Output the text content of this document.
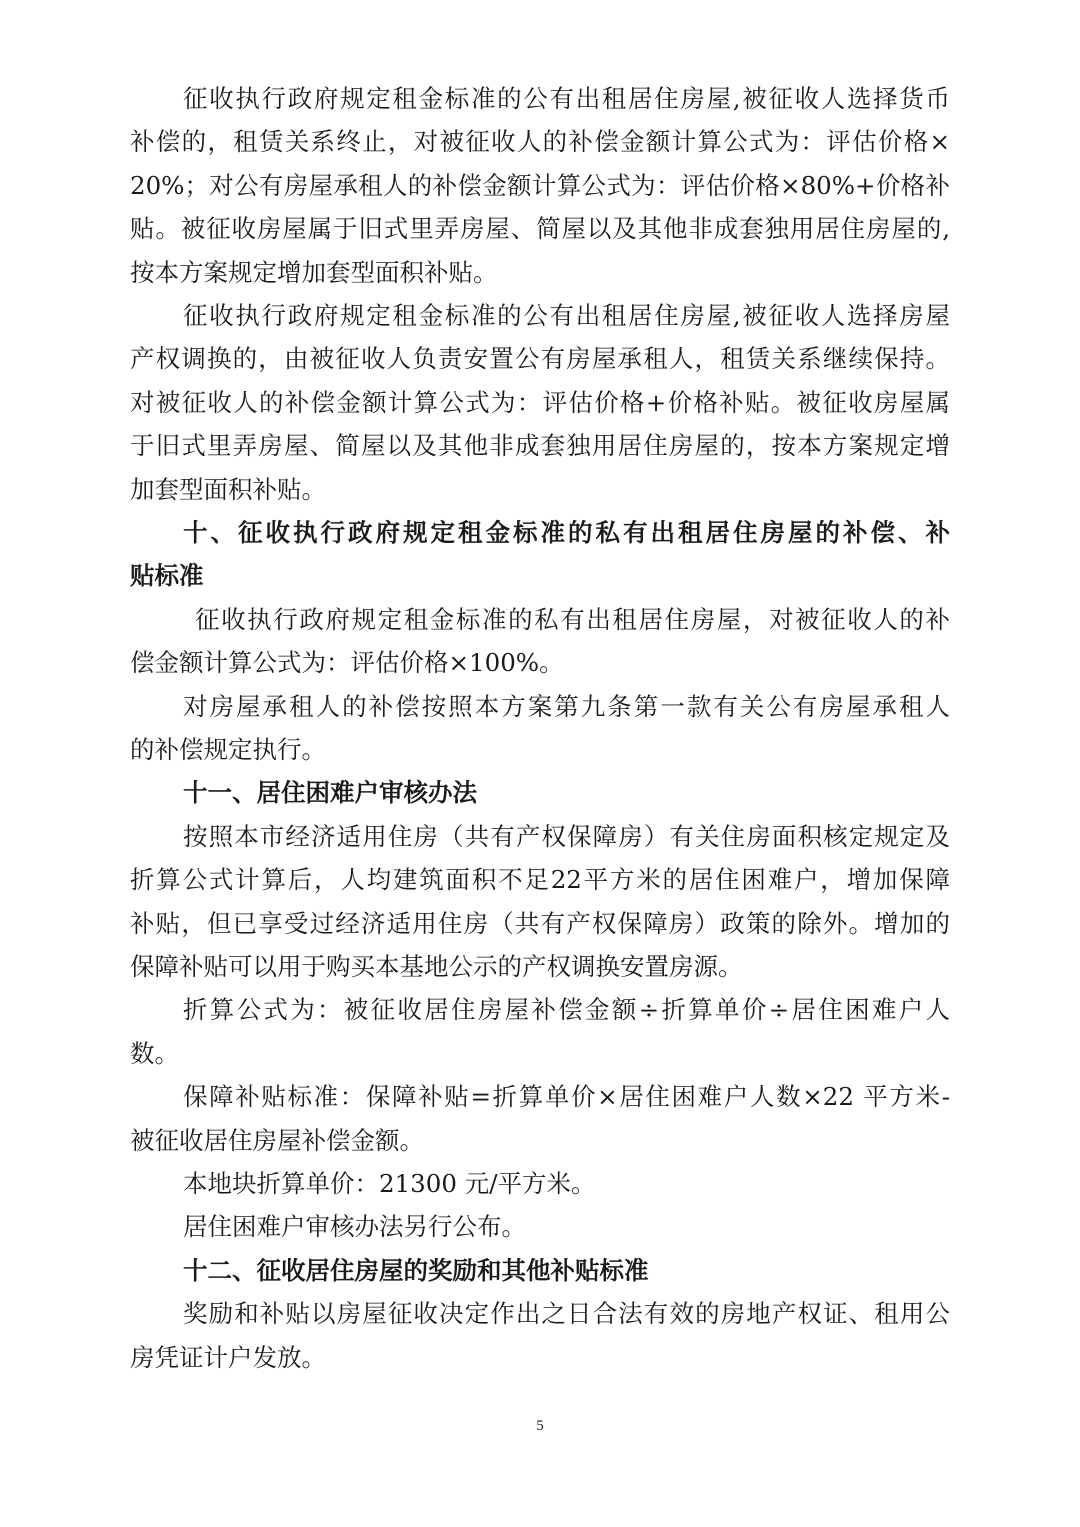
5
征收执行政府规定租金标准的公有出租居住房屋,被征收人选择货币
补偿的，租赁关系终止，对被征收人的补偿金额计算公式为：评估价格×
20%；对公有房屋承租人的补偿金额计算公式为：评估价格×80%+价格补
贴。被征收房屋属于旧式里弄房屋、简屋以及其他非成套独用居住房屋的,
按本方案规定增加套型面积补贴。
征收执行政府规定租金标准的公有出租居住房屋,被征收人选择房屋
产权调换的，由被征收人负责安置公有房屋承租人，租赁关系继续保持。
对被征收人的补偿金额计算公式为：评估价格+价格补贴。被征收房屋属
于旧式里弄房屋、简屋以及其他非成套独用居住房屋的，按本方案规定增
加套型面积补贴。
十、征收执行政府规定租金标准的私有出租居住房屋的补偿、补
贴标准
征收执行政府规定租金标准的私有出租居住房屋，对被征收人的补
偿金额计算公式为：评估价格×100%。
对房屋承租人的补偿按照本方案第九条第一款有关公有房屋承租人
的补偿规定执行。
十一、居住困难户审核办法
按照本市经济适用住房（共有产权保障房）有关住房面积核定规定及
折算公式计算后，人均建筑面积不足22平方米的居住困难户，增加保障
补贴，但已享受过经济适用住房（共有产权保障房）政策的除外。增加的
保障补贴可以用于购买本基地公示的产权调换安置房源。
折算公式为：被征收居住房屋补偿金额÷折算单价÷居住困难户人
数。
保障补贴标准：保障补贴=折算单价×居住困难户人数×22 平方米-
被征收居住房屋补偿金额。
本地块折算单价：21300 元/平方米。
居住困难户审核办法另行公布。
十二、征收居住房屋的奖励和其他补贴标准
奖励和补贴以房屋征收决定作出之日合法有效的房地产权证、租用公
房凭证计户发放。
